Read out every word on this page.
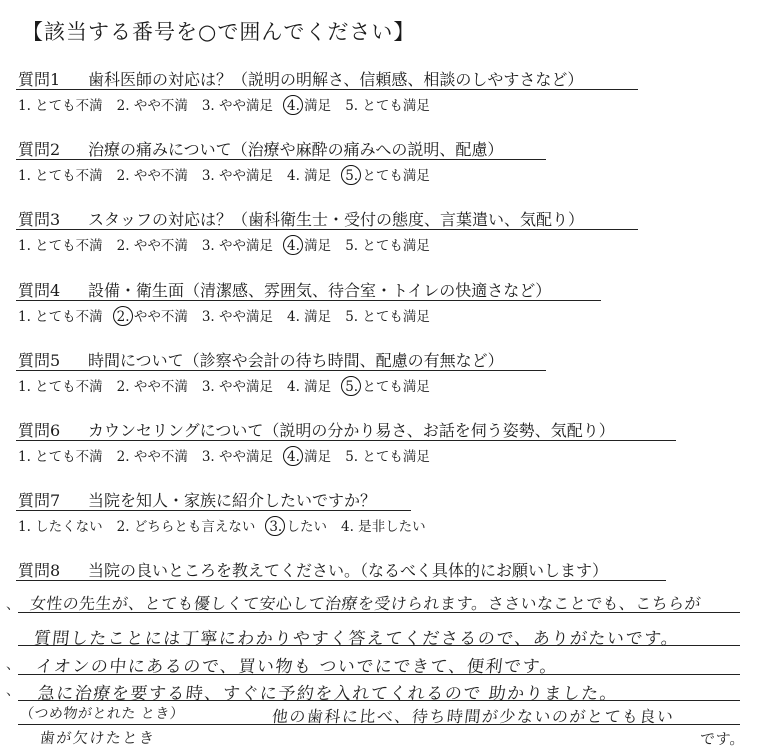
【該当する番号を○で囲んでください】
質問1 歯科医師の対応は？（説明の明解さ、信頼感、相談のしやすさなど）
1. とても不満 2. やや不満 3. やや満足 4. 満足 5. とても満足
質問2 治療の痛みについて（治療や麻酔の痛みへの説明、配慮）
1. とても不満 2. やや不満 3. やや満足 4. 満足 5. とても満足
質問3 スタッフの対応は？（歯科衛生士・受付の態度、言葉遣い、気配り）
1. とても不満 2. やや不満 3. やや満足 4. 満足 5. とても満足
質問4 設備・衛生面（清潔感、雰囲気、待合室・トイレの快適さなど）
1. とても不満 2. やや不満 3. やや満足 4. 満足 5. とても満足
質問5 時間について（診察や会計の待ち時間、配慮の有無など）
1. とても不満 2. やや不満 3. やや満足 4. 満足 5. とても満足
質問6 カウンセリングについて（説明の分かり易さ、お話を伺う姿勢、気配り）
1. とても不満 2. やや不満 3. やや満足 4. 満足 5. とても満足
質問7 当院を知人・家族に紹介したいですか？
1. したくない 2. どちらとも言えない 3. したい 4. 是非したい
質問8 当院の良いところを教えてください。（なるべく具体的にお願いします）
、
、
、
女性の先生が、とても優しくて安心して治療を受けられます。ささいなことでも、こちらが
質問したことには丁寧にわかりやすく答えてくださるので、ありがたいです。
イオンの中にあるので、買い物も ついでにできて、便利です。
急に治療を要する時、すぐに予約を入れてくれるので 助かりました。
（つめ物がとれた とき）	他の歯科に比べ、待ち時間が少ないのがとても良い
歯が欠けたとき	です。
